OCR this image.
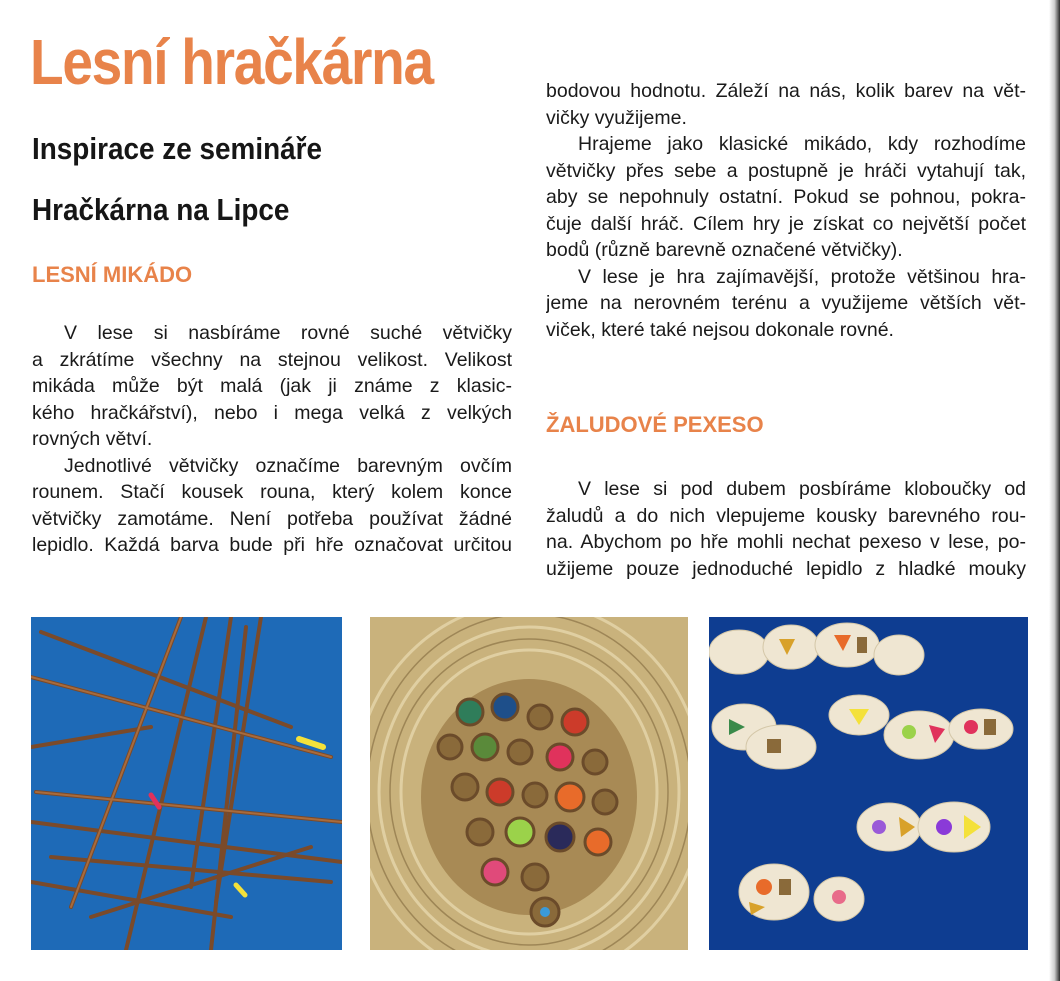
Lesní hračkárna
Inspirace ze semináře
Hračkárna na Lipce
LESNÍ MIKÁDO
V lese si nasbíráme rovné suché větvičky
a zkrátíme všechny na stejnou velikost. Velikost
mikáda může být malá (jak ji známe z klasic-
kého hračkářství), nebo i mega velká z velkých
rovných větví.
Jednotlivé větvičky označíme barevným ovčím
rounem. Stačí kousek rouna, který kolem konce
větvičky zamotáme. Není potřeba používat žádné
lepidlo. Každá barva bude při hře označovat určitou
bodovou hodnotu. Záleží na nás, kolik barev na vět-
vičky využijeme.
Hrajeme jako klasické mikádo, kdy rozhodíme
větvičky přes sebe a postupně je hráči vytahují tak,
aby se nepohnuly ostatní. Pokud se pohnou, pokra-
čuje další hráč. Cílem hry je získat co největší počet
bodů (různě barevně označené větvičky).
V lese je hra zajímavější, protože většinou hra-
jeme na nerovném terénu a využijeme větších vět-
viček, které také nejsou dokonale rovné.
ŽALUDOVÉ PEXESO
V lese si pod dubem posbíráme kloboučky od
žaludů a do nich vlepujeme kousky barevného rou-
na. Abychom po hře mohli nechat pexeso v lese, po-
užijeme pouze jednoduché lepidlo z hladké mouky
